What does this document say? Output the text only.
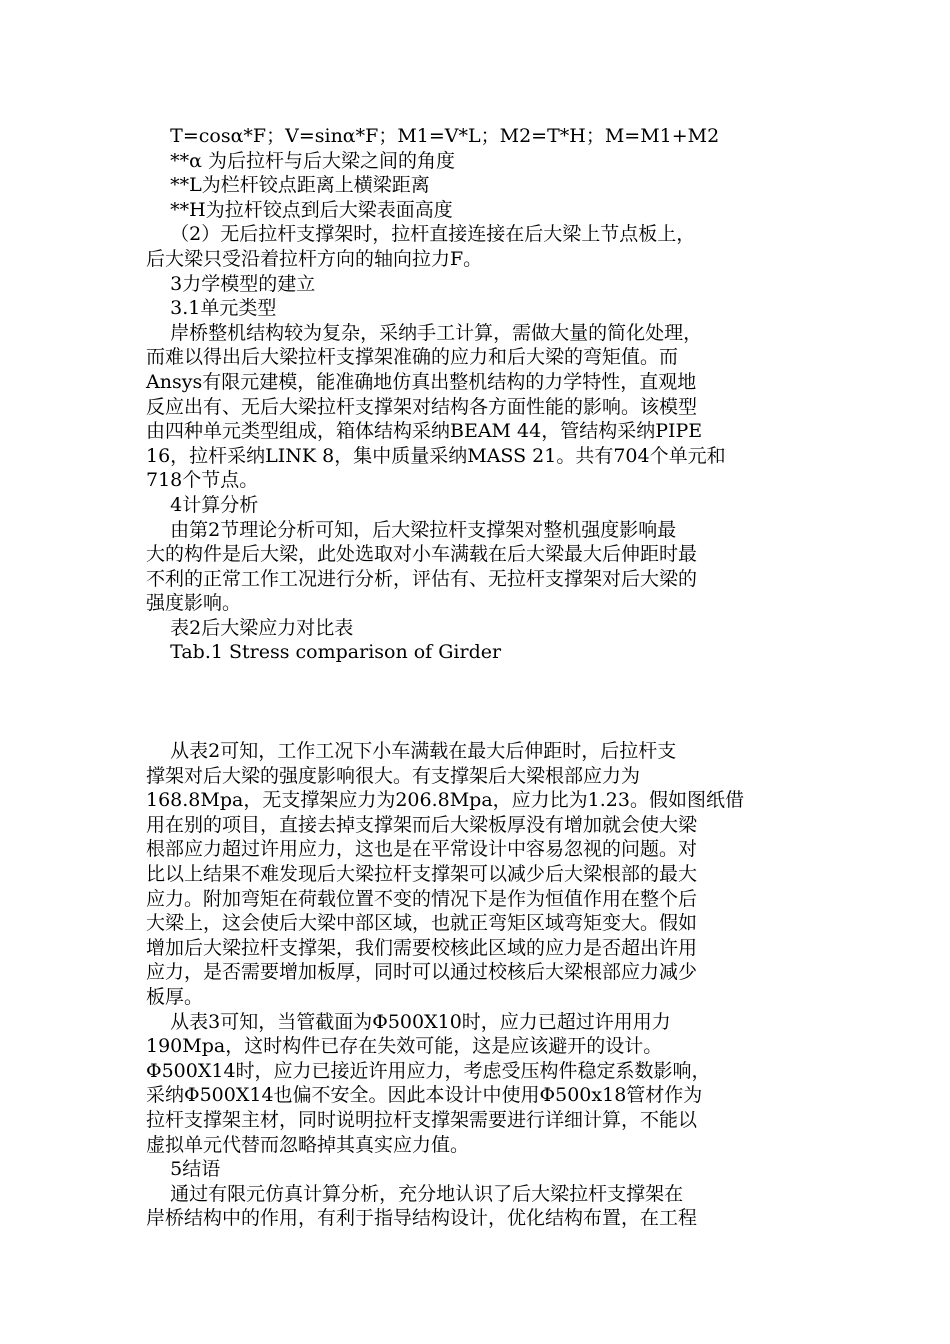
T=cosα*F；V=sinα*F；M1=V*L；M2=T*H；M=M1+M2
**α 为后拉杆与后大梁之间的角度
**L为栏杆铰点距离上横梁距离
**H为拉杆铰点到后大梁表面高度
（2）无后拉杆支撑架时，拉杆直接连接在后大梁上节点板上，
后大梁只受沿着拉杆方向的轴向拉力F。
3力学模型的建立
3.1单元类型
岸桥整机结构较为复杂，采纳手工计算，需做大量的简化处理，
而难以得出后大梁拉杆支撑架准确的应力和后大梁的弯矩值。而
Ansys有限元建模，能准确地仿真出整机结构的力学特性，直观地
反应出有、无后大梁拉杆支撑架对结构各方面性能的影响。该模型
由四种单元类型组成，箱体结构采纳BEAM 44，管结构采纳PIPE
16，拉杆采纳LINK 8，集中质量采纳MASS 21。共有704个单元和
718个节点。
4计算分析
由第2节理论分析可知，后大梁拉杆支撑架对整机强度影响最
大的构件是后大梁，此处选取对小车满载在后大梁最大后伸距时最
不利的正常工作工况进行分析，评估有、无拉杆支撑架对后大梁的
强度影响。
表2后大梁应力对比表
Tab.1 Stress comparison of Girder
从表2可知，工作工况下小车满载在最大后伸距时，后拉杆支
撑架对后大梁的强度影响很大。有支撑架后大梁根部应力为
168.8Mpa，无支撑架应力为206.8Mpa，应力比为1.23。假如图纸借
用在别的项目，直接去掉支撑架而后大梁板厚没有增加就会使大梁
根部应力超过许用应力，这也是在平常设计中容易忽视的问题。对
比以上结果不难发现后大梁拉杆支撑架可以减少后大梁根部的最大
应力。附加弯矩在荷载位置不变的情况下是作为恒值作用在整个后
大梁上，这会使后大梁中部区域，也就正弯矩区域弯矩变大。假如
增加后大梁拉杆支撑架，我们需要校核此区域的应力是否超出许用
应力，是否需要增加板厚，同时可以通过校核后大梁根部应力减少
板厚。
从表3可知，当管截面为Φ500X10时，应力已超过许用用力
190Mpa，这时构件已存在失效可能，这是应该避开的设计。
Φ500X14时，应力已接近许用应力，考虑受压构件稳定系数影响，
采纳Φ500X14也偏不安全。因此本设计中使用Φ500x18管材作为
拉杆支撑架主材，同时说明拉杆支撑架需要进行详细计算，不能以
虚拟单元代替而忽略掉其真实应力值。
5结语
通过有限元仿真计算分析，充分地认识了后大梁拉杆支撑架在
岸桥结构中的作用，有利于指导结构设计，优化结构布置，在工程
